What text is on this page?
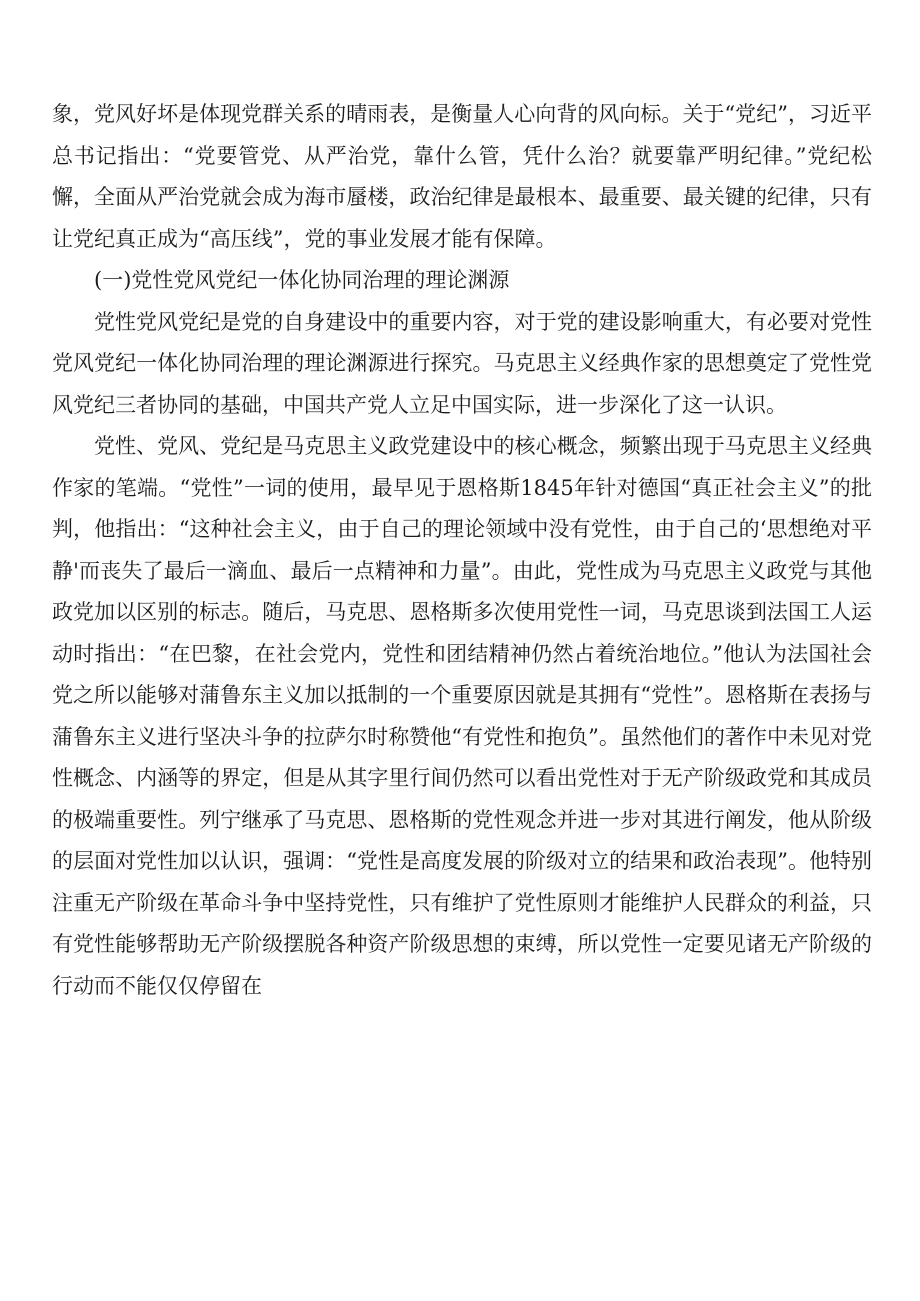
象，党风好坏是体现党群关系的晴雨表，是衡量人心向背的风向标。关于“党纪”，习近平总书记指出：“党要管党、从严治党，靠什么管，凭什么治？就要靠严明纪律。”党纪松懈，全面从严治党就会成为海市蜃楼，政治纪律是最根本、最重要、最关键的纪律，只有让党纪真正成为“高压线”，党的事业发展才能有保障。

(一)党性党风党纪一体化协同治理的理论渊源

党性党风党纪是党的自身建设中的重要内容，对于党的建设影响重大，有必要对党性党风党纪一体化协同治理的理论渊源进行探究。马克思主义经典作家的思想奠定了党性党风党纪三者协同的基础，中国共产党人立足中国实际，进一步深化了这一认识。

党性、党风、党纪是马克思主义政党建设中的核心概念，频繁出现于马克思主义经典作家的笔端。“党性”一词的使用，最早见于恩格斯1845年针对德国“真正社会主义”的批判，他指出：“这种社会主义，由于自己的理论领域中没有党性，由于自己的‘思想绝对平静'而丧失了最后一滴血、最后一点精神和力量”。由此，党性成为马克思主义政党与其他政党加以区别的标志。随后，马克思、恩格斯多次使用党性一词，马克思谈到法国工人运动时指出：“在巴黎，在社会党内，党性和团结精神仍然占着统治地位。”他认为法国社会党之所以能够对蒲鲁东主义加以抵制的一个重要原因就是其拥有“党性”。恩格斯在表扬与蒲鲁东主义进行坚决斗争的拉萨尔时称赞他“有党性和抱负”。虽然他们的著作中未见对党性概念、内涵等的界定，但是从其字里行间仍然可以看出党性对于无产阶级政党和其成员的极端重要性。列宁继承了马克思、恩格斯的党性观念并进一步对其进行阐发，他从阶级的层面对党性加以认识，强调：“党性是高度发展的阶级对立的结果和政治表现”。他特别注重无产阶级在革命斗争中坚持党性，只有维护了党性原则才能维护人民群众的利益，只有党性能够帮助无产阶级摆脱各种资产阶级思想的束缚，所以党性一定要见诸无产阶级的行动而不能仅仅停留在
